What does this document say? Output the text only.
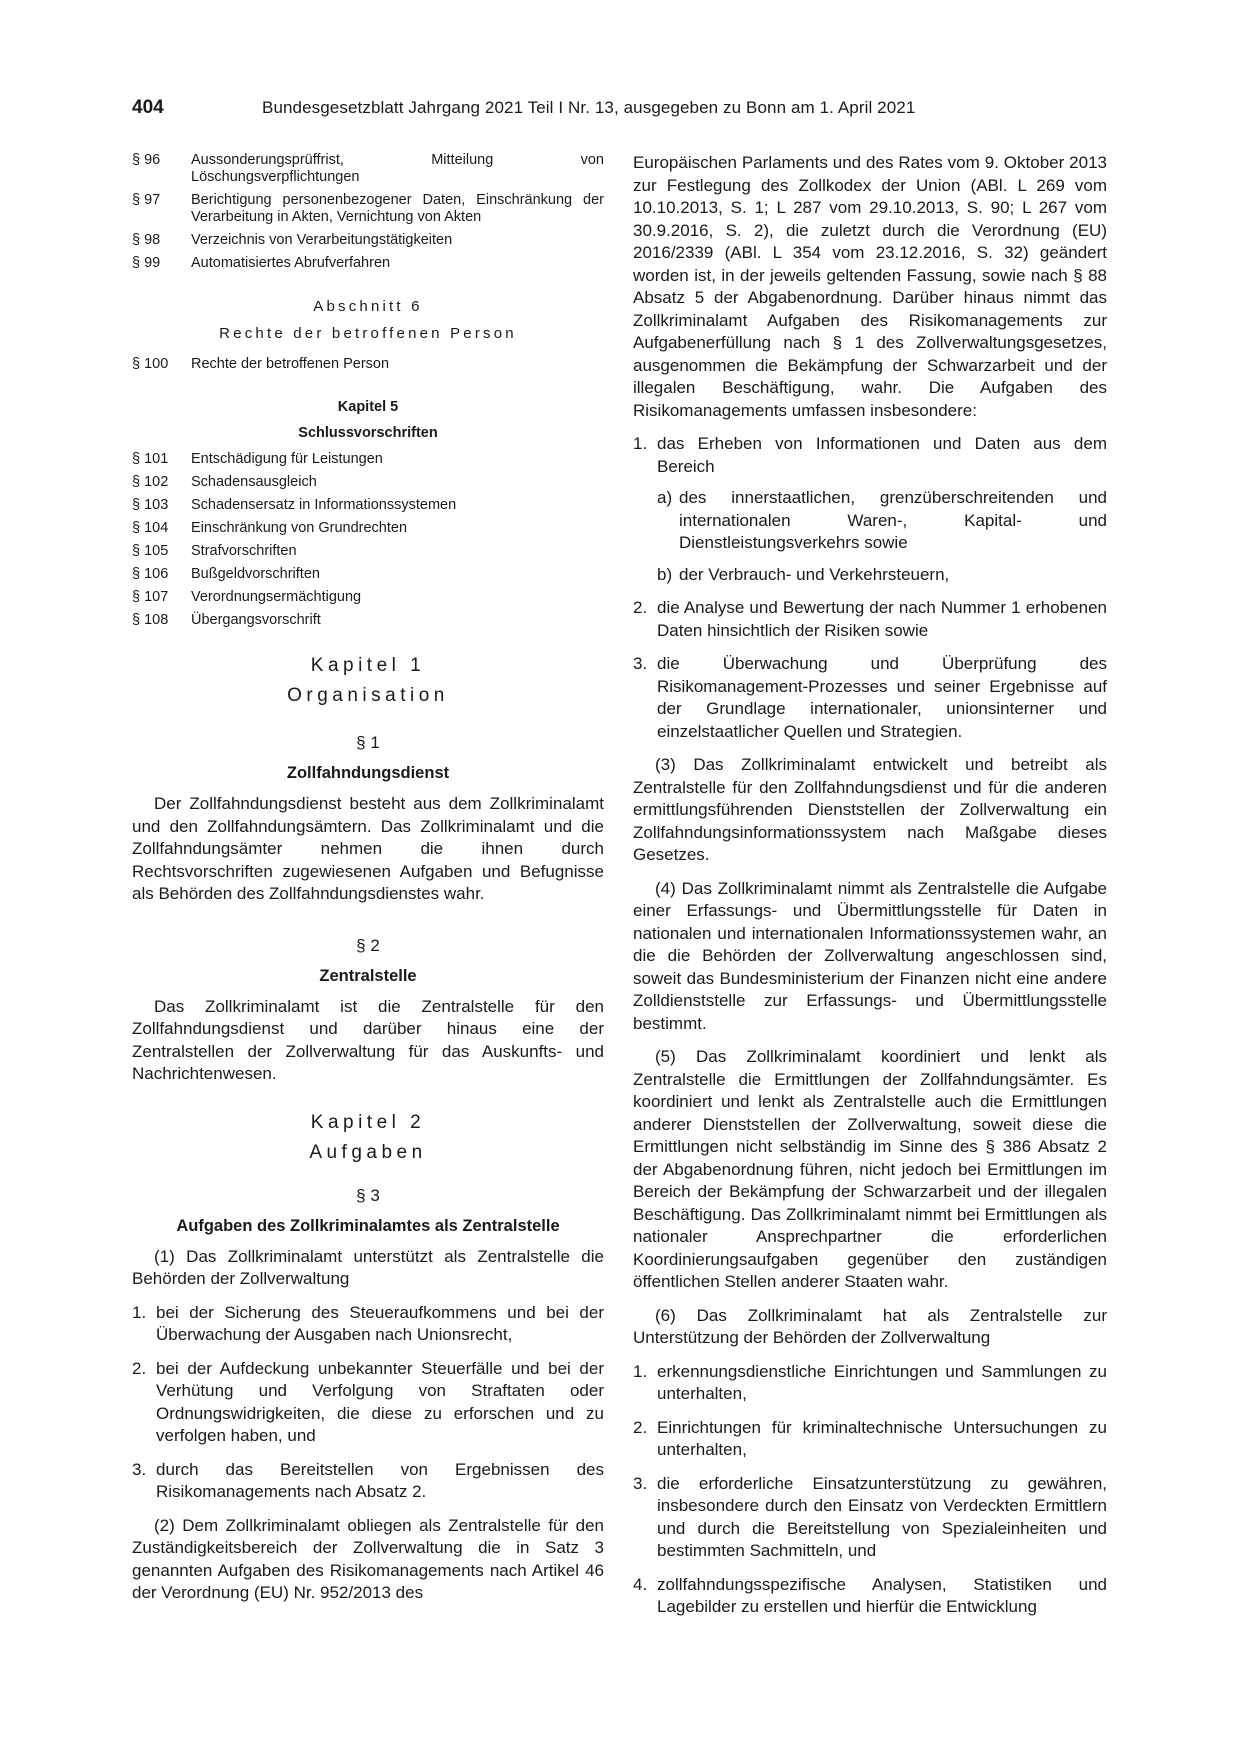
404	Bundesgesetzblatt Jahrgang 2021 Teil I Nr. 13, ausgegeben zu Bonn am 1. April 2021
§ 96	Aussonderungsprüffrist, Mitteilung von Löschungsverpflichtungen
§ 97	Berichtigung personenbezogener Daten, Einschränkung der Verarbeitung in Akten, Vernichtung von Akten
§ 98	Verzeichnis von Verarbeitungstätigkeiten
§ 99	Automatisiertes Abrufverfahren
Abschnitt 6
Rechte der betroffenen Person
§ 100	Rechte der betroffenen Person
Kapitel 5
Schlussvorschriften
§ 101	Entschädigung für Leistungen
§ 102	Schadensausgleich
§ 103	Schadensersatz in Informationssystemen
§ 104	Einschränkung von Grundrechten
§ 105	Strafvorschriften
§ 106	Bußgeldvorschriften
§ 107	Verordnungsermächtigung
§ 108	Übergangsvorschrift
Kapitel 1
Organisation
§ 1
Zollfahndungsdienst
Der Zollfahndungsdienst besteht aus dem Zollkriminalamt und den Zollfahndungsämtern. Das Zollkriminalamt und die Zollfahndungsämter nehmen die ihnen durch Rechtsvorschriften zugewiesenen Aufgaben und Befugnisse als Behörden des Zollfahndungsdienstes wahr.
§ 2
Zentralstelle
Das Zollkriminalamt ist die Zentralstelle für den Zollfahndungsdienst und darüber hinaus eine der Zentralstellen der Zollverwaltung für das Auskunfts- und Nachrichtenwesen.
Kapitel 2
Aufgaben
§ 3
Aufgaben des Zollkriminalamtes als Zentralstelle
(1) Das Zollkriminalamt unterstützt als Zentralstelle die Behörden der Zollverwaltung
1. bei der Sicherung des Steueraufkommens und bei der Überwachung der Ausgaben nach Unionsrecht,
2. bei der Aufdeckung unbekannter Steuerfälle und bei der Verhütung und Verfolgung von Straftaten oder Ordnungswidrigkeiten, die diese zu erforschen und zu verfolgen haben, und
3. durch das Bereitstellen von Ergebnissen des Risikomanagements nach Absatz 2.
(2) Dem Zollkriminalamt obliegen als Zentralstelle für den Zuständigkeitsbereich der Zollverwaltung die in Satz 3 genannten Aufgaben des Risikomanagements nach Artikel 46 der Verordnung (EU) Nr. 952/2013 des
Europäischen Parlaments und des Rates vom 9. Oktober 2013 zur Festlegung des Zollkodex der Union (ABl. L 269 vom 10.10.2013, S. 1; L 287 vom 29.10.2013, S. 90; L 267 vom 30.9.2016, S. 2), die zuletzt durch die Verordnung (EU) 2016/2339 (ABl. L 354 vom 23.12.2016, S. 32) geändert worden ist, in der jeweils geltenden Fassung, sowie nach § 88 Absatz 5 der Abgabenordnung. Darüber hinaus nimmt das Zollkriminalamt Aufgaben des Risikomanagements zur Aufgabenerfüllung nach § 1 des Zollverwaltungsgesetzes, ausgenommen die Bekämpfung der Schwarzarbeit und der illegalen Beschäftigung, wahr. Die Aufgaben des Risikomanagements umfassen insbesondere:
1. das Erheben von Informationen und Daten aus dem Bereich
a) des innerstaatlichen, grenzüberschreitenden und internationalen Waren-, Kapital- und Dienstleistungsverkehrs sowie
b) der Verbrauch- und Verkehrsteuern,
2. die Analyse und Bewertung der nach Nummer 1 erhobenen Daten hinsichtlich der Risiken sowie
3. die Überwachung und Überprüfung des Risikomanagement-Prozesses und seiner Ergebnisse auf der Grundlage internationaler, unionsinterner und einzelstaatlicher Quellen und Strategien.
(3) Das Zollkriminalamt entwickelt und betreibt als Zentralstelle für den Zollfahndungsdienst und für die anderen ermittlungsführenden Dienststellen der Zollverwaltung ein Zollfahndungsinformationssystem nach Maßgabe dieses Gesetzes.
(4) Das Zollkriminalamt nimmt als Zentralstelle die Aufgabe einer Erfassungs- und Übermittlungsstelle für Daten in nationalen und internationalen Informationssystemen wahr, an die die Behörden der Zollverwaltung angeschlossen sind, soweit das Bundesministerium der Finanzen nicht eine andere Zolldienststelle zur Erfassungs- und Übermittlungsstelle bestimmt.
(5) Das Zollkriminalamt koordiniert und lenkt als Zentralstelle die Ermittlungen der Zollfahndungsämter. Es koordiniert und lenkt als Zentralstelle auch die Ermittlungen anderer Dienststellen der Zollverwaltung, soweit diese die Ermittlungen nicht selbständig im Sinne des § 386 Absatz 2 der Abgabenordnung führen, nicht jedoch bei Ermittlungen im Bereich der Bekämpfung der Schwarzarbeit und der illegalen Beschäftigung. Das Zollkriminalamt nimmt bei Ermittlungen als nationaler Ansprechpartner die erforderlichen Koordinierungsaufgaben gegenüber den zuständigen öffentlichen Stellen anderer Staaten wahr.
(6) Das Zollkriminalamt hat als Zentralstelle zur Unterstützung der Behörden der Zollverwaltung
1. erkennungsdienstliche Einrichtungen und Sammlungen zu unterhalten,
2. Einrichtungen für kriminaltechnische Untersuchungen zu unterhalten,
3. die erforderliche Einsatzunterstützung zu gewähren, insbesondere durch den Einsatz von Verdeckten Ermittlern und durch die Bereitstellung von Spezialeinheiten und bestimmten Sachmitteln, und
4. zollfahndungsspezifische Analysen, Statistiken und Lagebilder zu erstellen und hierfür die Entwicklung
